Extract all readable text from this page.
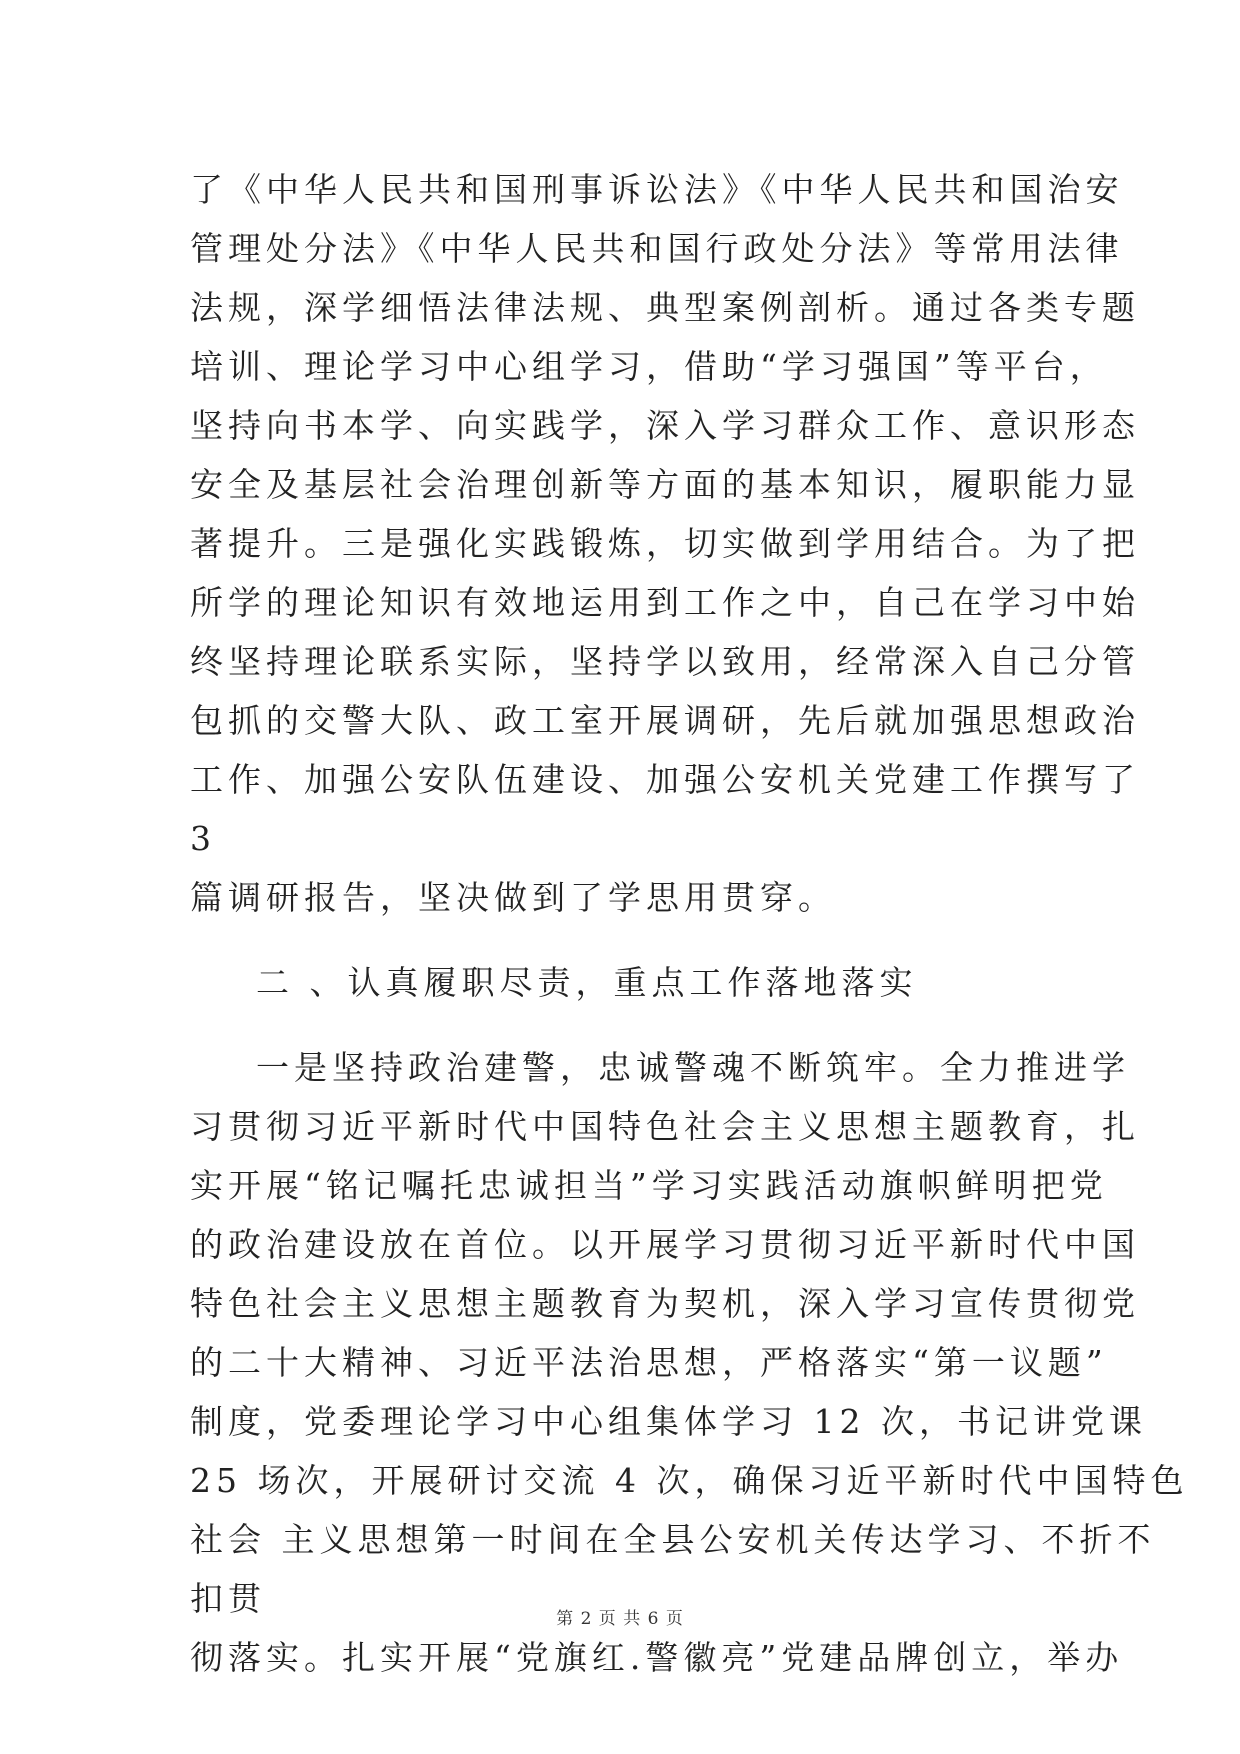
了《中华人民共和国刑事诉讼法》《中华人民共和国治安

管理处分法》《中华人民共和国行政处分法》等常用法律

法规，深学细悟法律法规、典型案例剖析。通过各类专题

培训、理论学习中心组学习，借助“学习强国”等平台，

坚持向书本学、向实践学，深入学习群众工作、意识形态

安全及基层社会治理创新等方面的基本知识，履职能力显

著提升。三是强化实践锻炼，切实做到学用结合。为了把

所学的理论知识有效地运用到工作之中，自己在学习中始

终坚持理论联系实际，坚持学以致用，经常深入自己分管

包抓的交警大队、政工室开展调研，先后就加强思想政治

工作、加强公安队伍建设、加强公安机关党建工作撰写了

3

篇调研报告，坚决做到了学思用贯穿。

二 、认真履职尽责，重点工作落地落实

一是坚持政治建警，忠诚警魂不断筑牢。全力推进学

习贯彻习近平新时代中国特色社会主义思想主题教育，扎

实开展“铭记嘱托忠诚担当”学习实践活动旗帜鲜明把党

的政治建设放在首位。以开展学习贯彻习近平新时代中国

特色社会主义思想主题教育为契机，深入学习宣传贯彻党

的二十大精神、习近平法治思想，严格落实“第一议题”

制度，党委理论学习中心组集体学习 12 次，书记讲党课

25 场次，开展研讨交流 4 次，确保习近平新时代中国特色

社会 主义思想第一时间在全县公安机关传达学习、不折不

扣贯

彻落实。扎实开展“党旗红.警徽亮”党建品牌创立，举办

第 2 页 共 6 页
